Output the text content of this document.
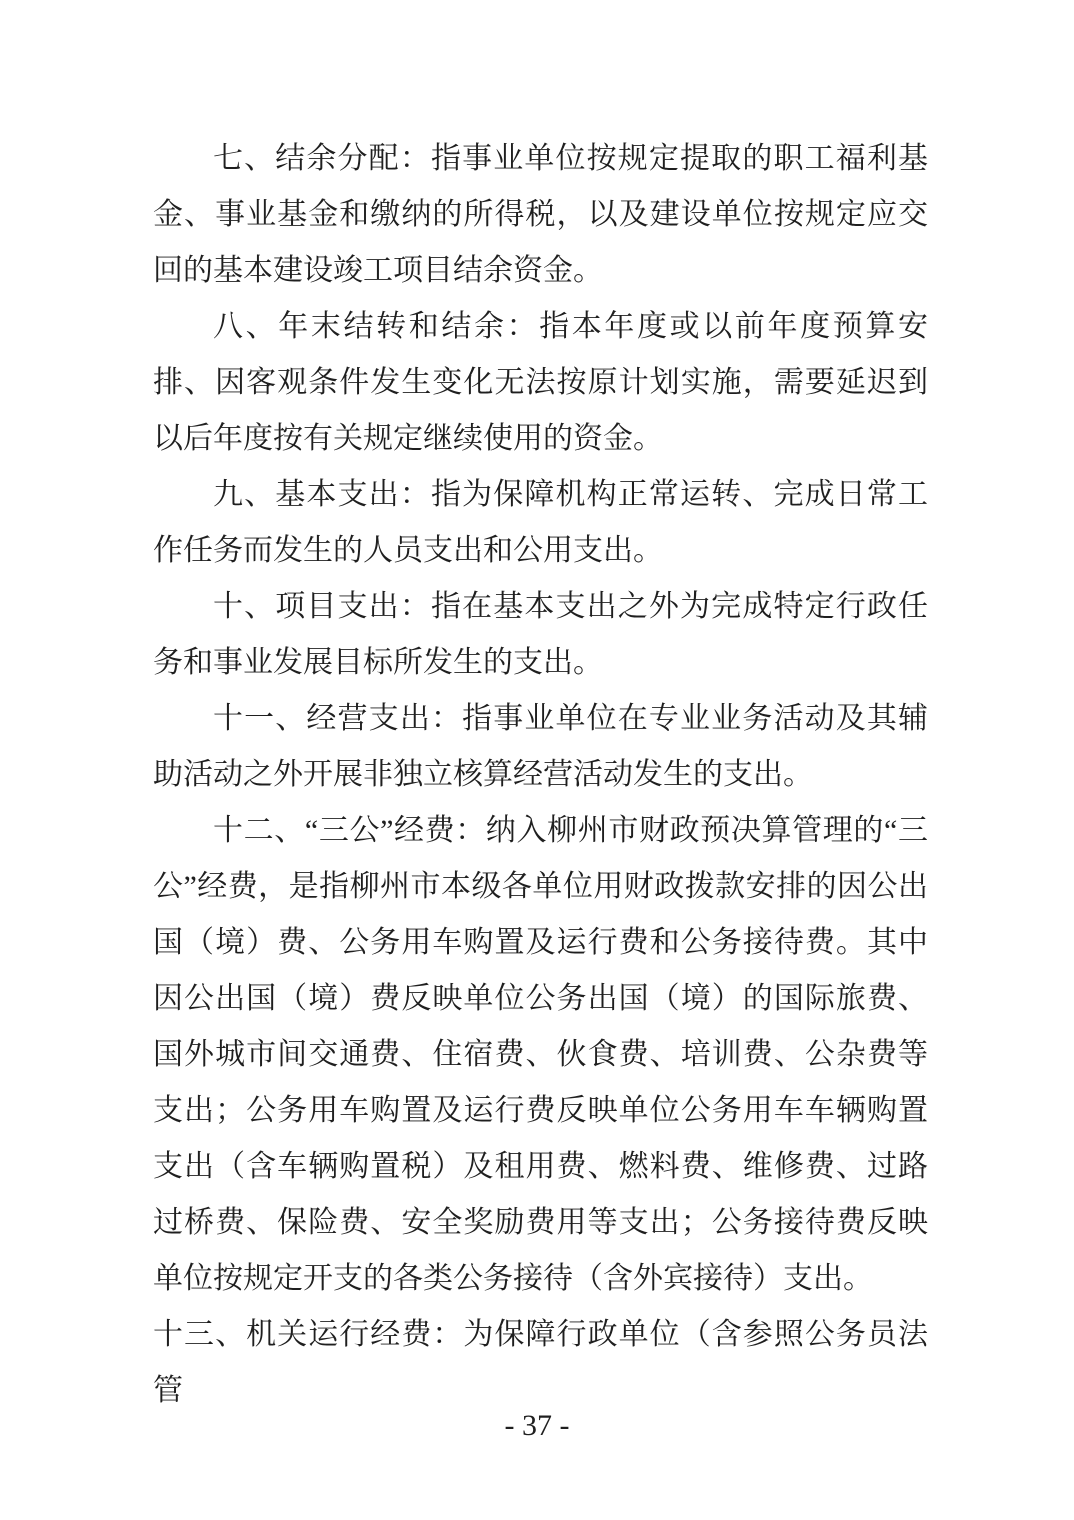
七、结余分配：指事业单位按规定提取的职工福利基金、事业基金和缴纳的所得税，以及建设单位按规定应交回的基本建设竣工项目结余资金。

八、年末结转和结余：指本年度或以前年度预算安排、因客观条件发生变化无法按原计划实施，需要延迟到以后年度按有关规定继续使用的资金。

九、基本支出：指为保障机构正常运转、完成日常工作任务而发生的人员支出和公用支出。

十、项目支出：指在基本支出之外为完成特定行政任务和事业发展目标所发生的支出。

十一、经营支出：指事业单位在专业业务活动及其辅助活动之外开展非独立核算经营活动发生的支出。

十二、“三公”经费：纳入柳州市财政预决算管理的“三公”经费，是指柳州市本级各单位用财政拨款安排的因公出国（境）费、公务用车购置及运行费和公务接待费。其中因公出国（境）费反映单位公务出国（境）的国际旅费、国外城市间交通费、住宿费、伙食费、培训费、公杂费等支出；公务用车购置及运行费反映单位公务用车车辆购置支出（含车辆购置税）及租用费、燃料费、维修费、过路过桥费、保险费、安全奖励费用等支出；公务接待费反映单位按规定开支的各类公务接待（含外宾接待）支出。

十三、机关运行经费：为保障行政单位（含参照公务员法管

- 37 -
